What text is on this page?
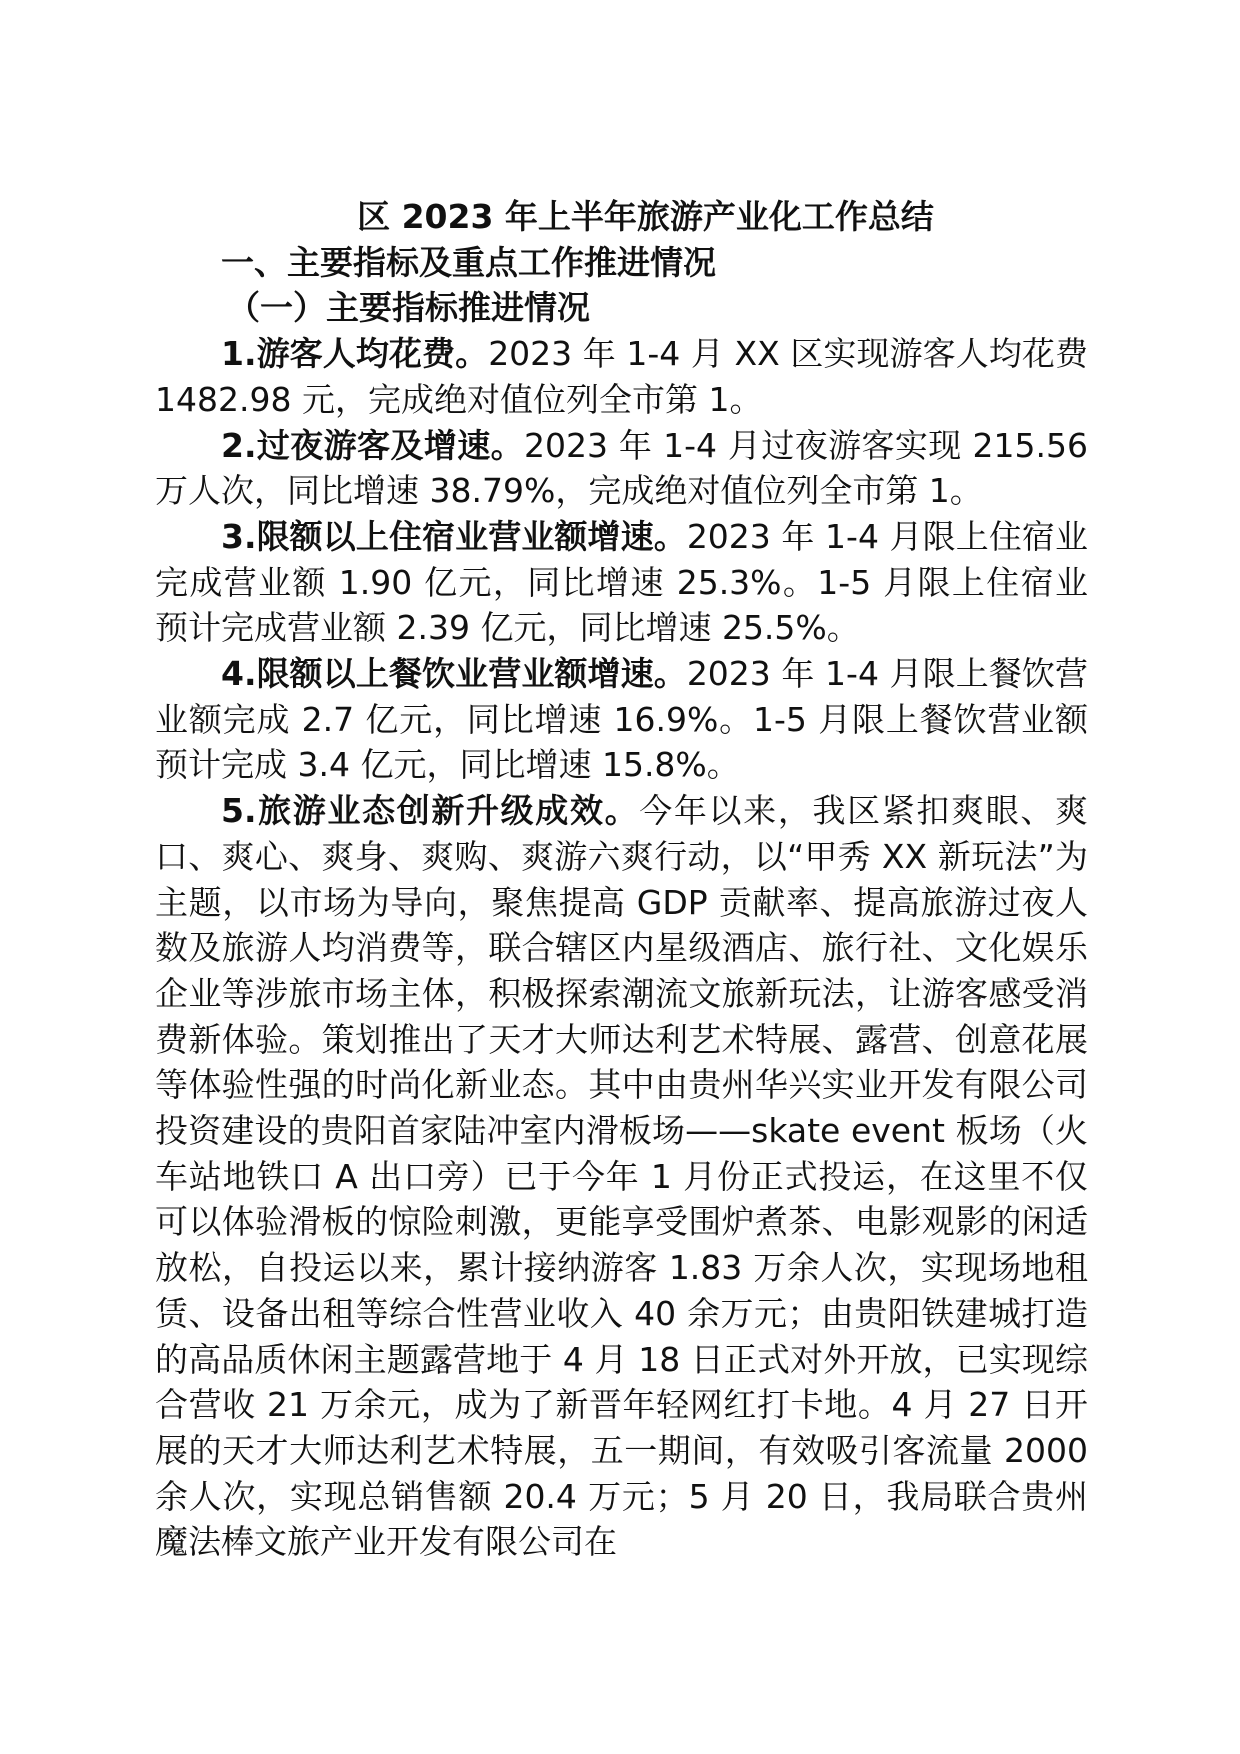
区 2023 年上半年旅游产业化工作总结

一、主要指标及重点工作推进情况

（一）主要指标推进情况

1.游客人均花费。2023 年 1-4 月 XX 区实现游客人均花费 1482.98 元，完成绝对值位列全市第 1。

2.过夜游客及增速。2023 年 1-4 月过夜游客实现 215.56 万人次，同比增速 38.79%，完成绝对值位列全市第 1。

3.限额以上住宿业营业额增速。2023 年 1-4 月限上住宿业完成营业额 1.90 亿元，同比增速 25.3%。1-5 月限上住宿业预计完成营业额 2.39 亿元，同比增速 25.5%。

4.限额以上餐饮业营业额增速。2023 年 1-4 月限上餐饮营业额完成 2.7 亿元，同比增速 16.9%。1-5 月限上餐饮营业额预计完成 3.4 亿元，同比增速 15.8%。

5.旅游业态创新升级成效。今年以来，我区紧扣爽眼、爽口、爽心、爽身、爽购、爽游六爽行动，以“甲秀 XX 新玩法”为主题，以市场为导向，聚焦提高 GDP 贡献率、提高旅游过夜人数及旅游人均消费等，联合辖区内星级酒店、旅行社、文化娱乐企业等涉旅市场主体，积极探索潮流文旅新玩法，让游客感受消费新体验。策划推出了天才大师达利艺术特展、露营、创意花展等体验性强的时尚化新业态。其中由贵州华兴实业开发有限公司投资建设的贵阳首家陆冲室内滑板场——skate event 板场（火车站地铁口 A 出口旁）已于今年 1 月份正式投运，在这里不仅可以体验滑板的惊险刺激，更能享受围炉煮茶、电影观影的闲适放松，自投运以来，累计接纳游客 1.83 万余人次，实现场地租赁、设备出租等综合性营业收入 40 余万元；由贵阳铁建城打造的高品质休闲主题露营地于 4 月 18 日正式对外开放，已实现综合营收 21 万余元，成为了新晋年轻网红打卡地。4 月 27 日开展的天才大师达利艺术特展，五一期间，有效吸引客流量 2000 余人次，实现总销售额 20.4 万元；5 月 20 日，我局联合贵州魔法棒文旅产业开发有限公司在
